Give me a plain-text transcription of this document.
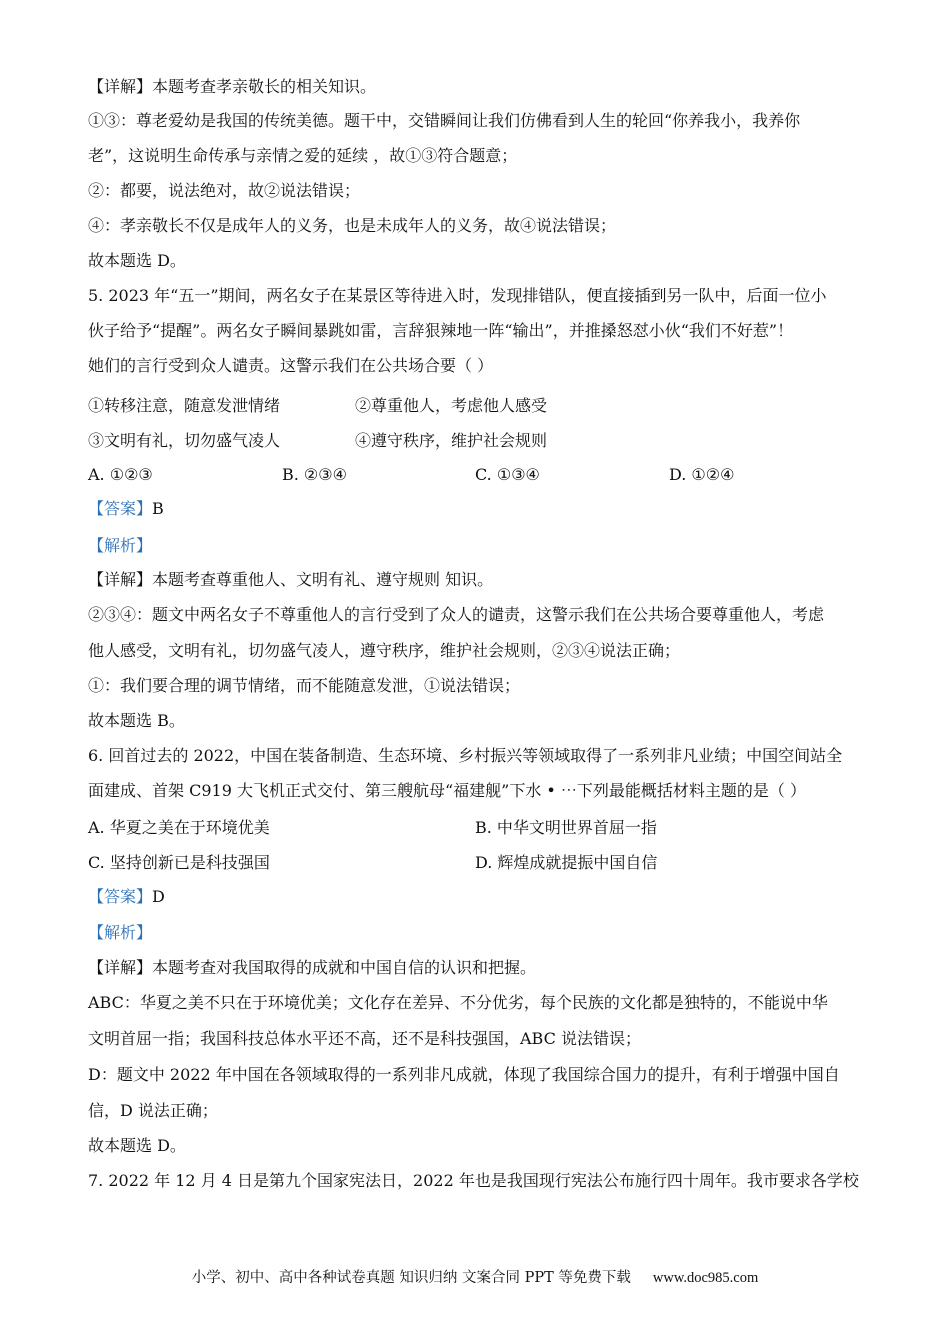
【详解】本题考查孝亲敬长的相关知识。
①③：尊老爱幼是我国的传统美德。题干中，交错瞬间让我们仿佛看到人生的轮回“你养我小，我养你
老”，这说明生命传承与亲情之爱的延续 ，故①③符合题意；
②：都要，说法绝对，故②说法错误；
④：孝亲敬长不仅是成年人的义务，也是未成年人的义务，故④说法错误；
故本题选 D。
5. 2023 年“五一”期间，两名女子在某景区等待进入时，发现排错队，便直接插到另一队中，后面一位小
伙子给予“提醒”。两名女子瞬间暴跳如雷，言辞狠辣地一阵“输出”，并推搡怒怼小伙“我们不好惹”！
她们的言行受到众人谴责。这警示我们在公共场合要（ ）
①转移注意，随意发泄情绪	②尊重他人，考虑他人感受
③文明有礼，切勿盛气凌人	④遵守秩序，维护社会规则
A. ①②③	B. ②③④	C. ①③④	D. ①②④
【答案】B
【解析】
【详解】本题考查尊重他人、文明有礼、遵守规则 知识。
②③④：题文中两名女子不尊重他人的言行受到了众人的谴责，这警示我们在公共场合要尊重他人，考虑
他人感受，文明有礼，切勿盛气凌人，遵守秩序，维护社会规则，②③④说法正确；
①：我们要合理的调节情绪，而不能随意发泄，①说法错误；
故本题选 B。
6. 回首过去的 2022，中国在装备制造、生态环境、乡村振兴等领域取得了一系列非凡业绩；中国空间站全
面建成、首架 C919 大飞机正式交付、第三艘航母“福建舰”下水 • ⋯下列最能概括材料主题的是（ ）
A. 华夏之美在于环境优美	B. 中华文明世界首屈一指
C. 坚持创新已是科技强国	D. 辉煌成就提振中国自信
【答案】D
【解析】
【详解】本题考查对我国取得的成就和中国自信的认识和把握。
ABC：华夏之美不只在于环境优美；文化存在差异、不分优劣，每个民族的文化都是独特的，不能说中华
文明首屈一指；我国科技总体水平还不高，还不是科技强国，ABC 说法错误；
D：题文中 2022 年中国在各领域取得的一系列非凡成就，体现了我国综合国力的提升，有利于增强中国自
信，D 说法正确；
故本题选 D。
7. 2022 年 12 月 4 日是第九个国家宪法日，2022 年也是我国现行宪法公布施行四十周年。我市要求各学校
小学、初中、高中各种试卷真题 知识归纳 文案合同 PPT 等免费下载 www.doc985.com
